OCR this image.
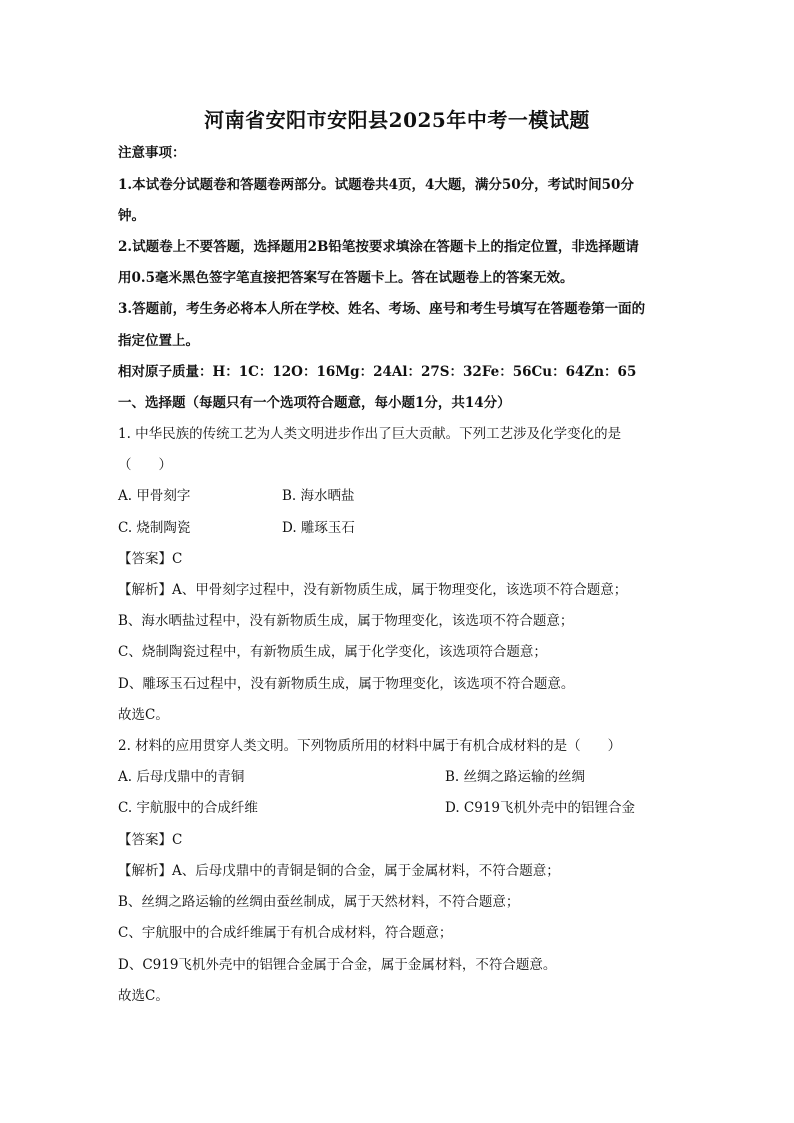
河南省安阳市安阳县2025年中考一模试题
注意事项：
1.本试卷分试题卷和答题卷两部分。试题卷共4页，4大题，满分50分，考试时间50分
钟。
2.试题卷上不要答题，选择题用2B铅笔按要求填涂在答题卡上的指定位置，非选择题请
用0.5毫米黑色签字笔直接把答案写在答题卡上。答在试题卷上的答案无效。
3.答题前，考生务必将本人所在学校、姓名、考场、座号和考生号填写在答题卷第一面的
指定位置上。
相对原子质量：H：1C：12O：16Mg：24Al：27S：32Fe：56Cu：64Zn：65
一、选择题（每题只有一个选项符合题意，每小题1分，共14分）
1. 中华民族的传统工艺为人类文明进步作出了巨大贡献。下列工艺涉及化学变化的是
（　　）
A. 甲骨刻字	B. 海水晒盐
C. 烧制陶瓷	D. 雕琢玉石
【答案】C
【解析】A、甲骨刻字过程中，没有新物质生成，属于物理变化，该选项不符合题意；
B、海水晒盐过程中，没有新物质生成，属于物理变化，该选项不符合题意；
C、烧制陶瓷过程中，有新物质生成，属于化学变化，该选项符合题意；
D、雕琢玉石过程中，没有新物质生成，属于物理变化，该选项不符合题意。
故选C。
2. 材料的应用贯穿人类文明。下列物质所用的材料中属于有机合成材料的是（　　）
A. 后母戊鼎中的青铜	B. 丝绸之路运输的丝绸
C. 宇航服中的合成纤维	D. C919飞机外壳中的铝锂合金
【答案】C
【解析】A、后母戊鼎中的青铜是铜的合金，属于金属材料，不符合题意；
B、丝绸之路运输的丝绸由蚕丝制成，属于天然材料，不符合题意；
C、宇航服中的合成纤维属于有机合成材料，符合题意；
D、C919飞机外壳中的铝锂合金属于合金，属于金属材料，不符合题意。
故选C。
